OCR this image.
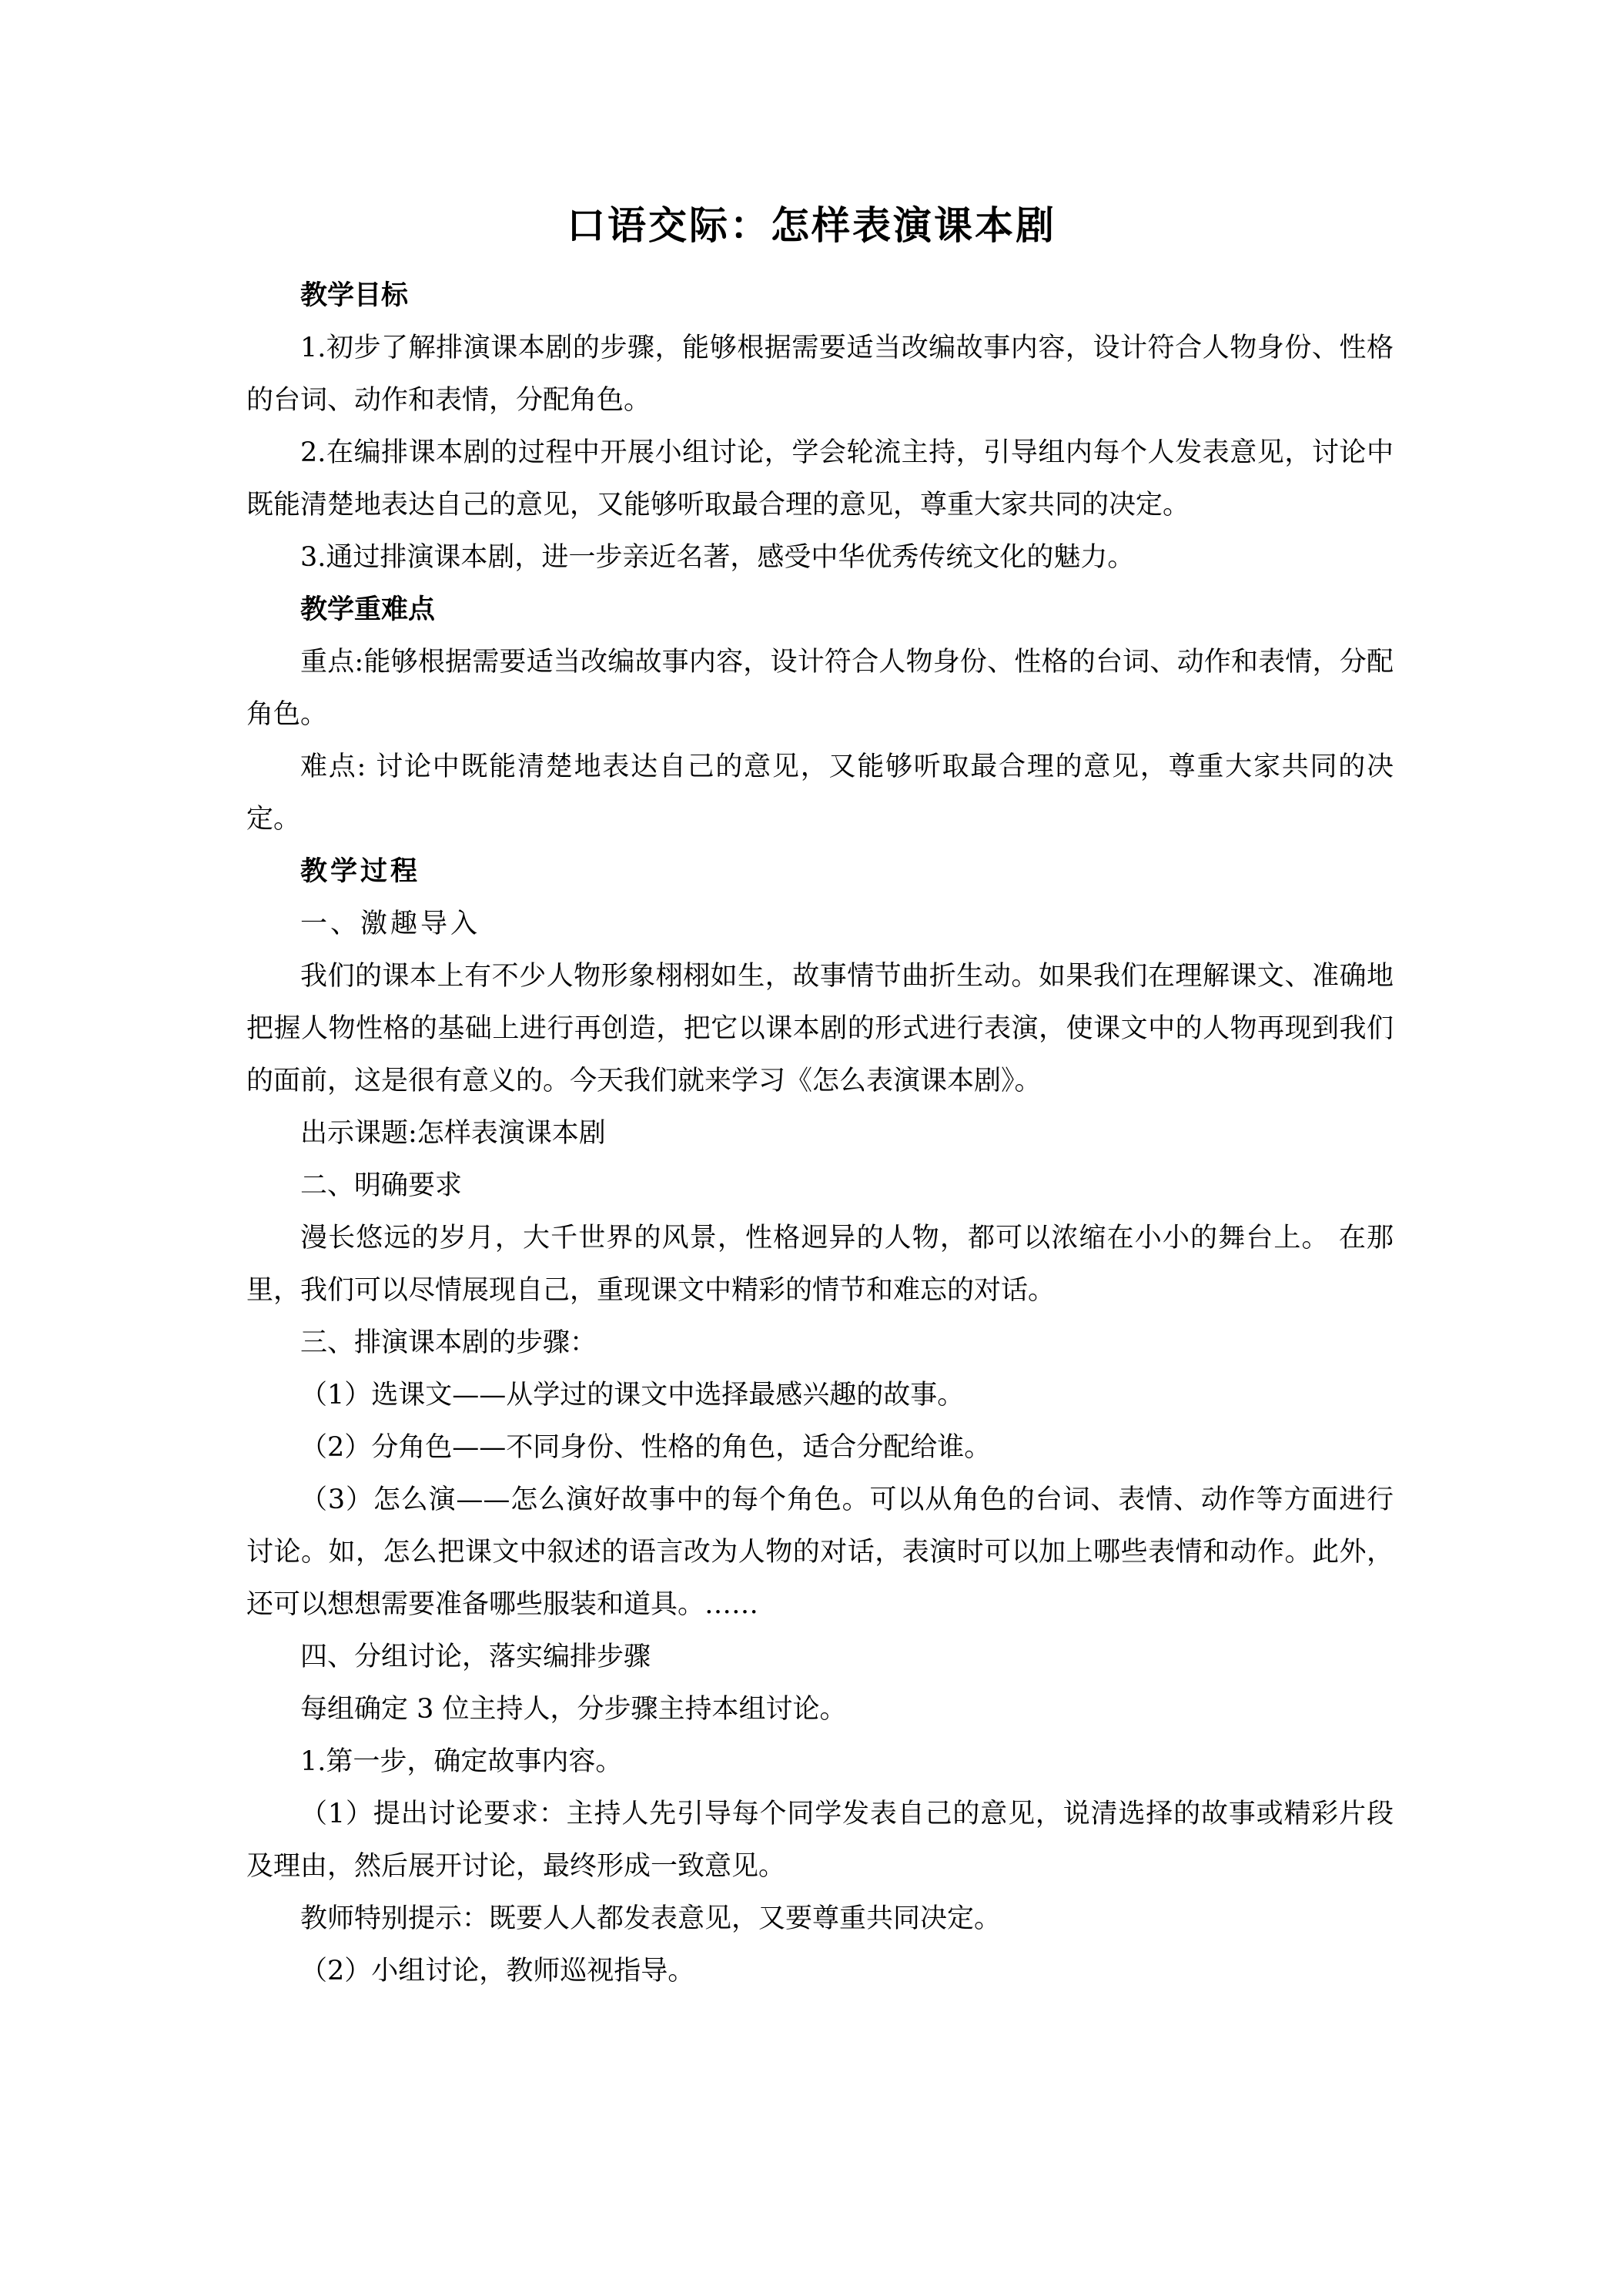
口语交际：怎样表演课本剧

教学目标

1.初步了解排演课本剧的步骤，能够根据需要适当改编故事内容，设计符合人物身份、性格的台词、动作和表情，分配角色。

2.在编排课本剧的过程中开展小组讨论，学会轮流主持，引导组内每个人发表意见，讨论中既能清楚地表达自己的意见，又能够听取最合理的意见，尊重大家共同的决定。

3.通过排演课本剧，进一步亲近名著，感受中华优秀传统文化的魅力。

教学重难点

重点:能够根据需要适当改编故事内容，设计符合人物身份、性格的台词、动作和表情，分配角色。

难点: 讨论中既能清楚地表达自己的意见，又能够听取最合理的意见，尊重大家共同的决定。

教学过程

一、激趣导入

我们的课本上有不少人物形象栩栩如生，故事情节曲折生动。如果我们在理解课文、准确地把握人物性格的基础上进行再创造，把它以课本剧的形式进行表演，使课文中的人物再现到我们的面前，这是很有意义的。今天我们就来学习《怎么表演课本剧》。

出示课题:怎样表演课本剧

二、明确要求

漫长悠远的岁月，大千世界的风景，性格迥异的人物，都可以浓缩在小小的舞台上。 在那里，我们可以尽情展现自己，重现课文中精彩的情节和难忘的对话。

三、排演课本剧的步骤：

（1）选课文——从学过的课文中选择最感兴趣的故事。

（2）分角色——不同身份、性格的角色，适合分配给谁。

（3）怎么演——怎么演好故事中的每个角色。可以从角色的台词、表情、动作等方面进行讨论。如，怎么把课文中叙述的语言改为人物的对话，表演时可以加上哪些表情和动作。此外，还可以想想需要准备哪些服装和道具。……

四、分组讨论，落实编排步骤

每组确定 3 位主持人，分步骤主持本组讨论。

1.第一步，确定故事内容。

（1）提出讨论要求：主持人先引导每个同学发表自己的意见，说清选择的故事或精彩片段及理由，然后展开讨论，最终形成一致意见。

教师特别提示：既要人人都发表意见，又要尊重共同决定。

（2）小组讨论，教师巡视指导。
